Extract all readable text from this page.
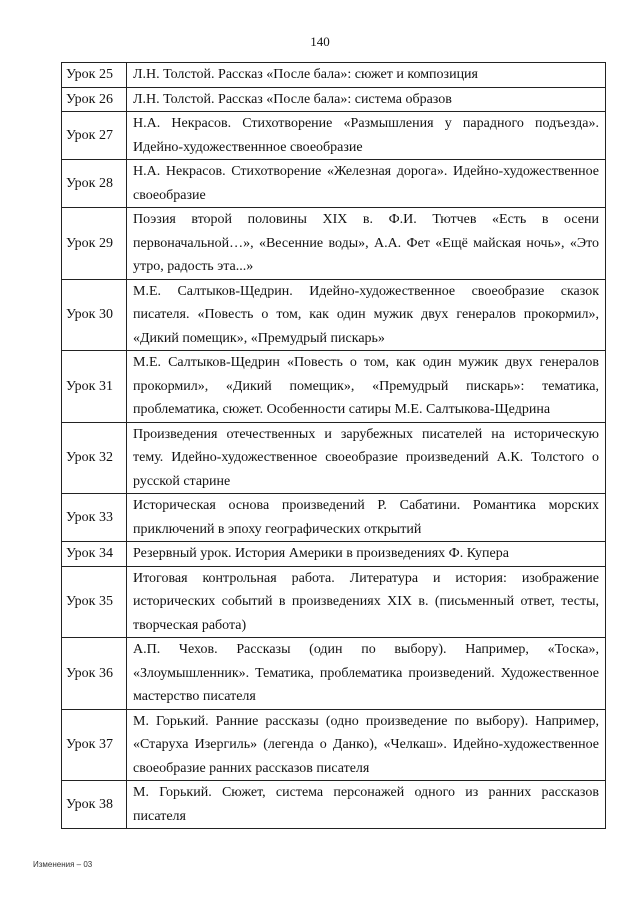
140
Урок 25	Л.Н. Толстой. Рассказ «После бала»: сюжет и композиция
Урок 26	Л.Н. Толстой. Рассказ «После бала»: система образов
Урок 27	Н.А. Некрасов. Стихотворение «Размышления у парадного подъезда». Идейно-художественнное своеобразие
Урок 28	Н.А. Некрасов. Стихотворение «Железная дорога». Идейно-художественное своеобразие
Урок 29	Поэзия второй половины XIX в. Ф.И. Тютчев «Есть в осени первоначальной…», «Весенние воды», А.А. Фет «Ещё майская ночь», «Это утро, радость эта...»
Урок 30	М.Е. Салтыков-Щедрин. Идейно-художественное своеобразие сказок писателя. «Повесть о том, как один мужик двух генералов прокормил», «Дикий помещик», «Премудрый пискарь»
Урок 31	М.Е. Салтыков-Щедрин «Повесть о том, как один мужик двух генералов прокормил», «Дикий помещик», «Премудрый пискарь»: тематика, проблематика, сюжет. Особенности сатиры М.Е. Салтыкова-Щедрина
Урок 32	Произведения отечественных и зарубежных писателей на историческую тему. Идейно-художественное своеобразие произведений А.К. Толстого о русской старине
Урок 33	Историческая основа произведений Р. Сабатини. Романтика морских приключений в эпоху географических открытий
Урок 34	Резервный урок. История Америки в произведениях Ф. Купера
Урок 35	Итоговая контрольная работа. Литература и история: изображение исторических событий в произведениях XIX в. (письменный ответ, тесты, творческая работа)
Урок 36	А.П. Чехов. Рассказы (один по выбору). Например, «Тоска», «Злоумышленник». Тематика, проблематика произведений. Художественное мастерство писателя
Урок 37	М. Горький. Ранние рассказы (одно произведение по выбору). Например, «Старуха Изергиль» (легенда о Данко), «Челкаш». Идейно-художественное своеобразие ранних рассказов писателя
Урок 38	М. Горький. Сюжет, система персонажей одного из ранних рассказов писателя
Изменения – 03
